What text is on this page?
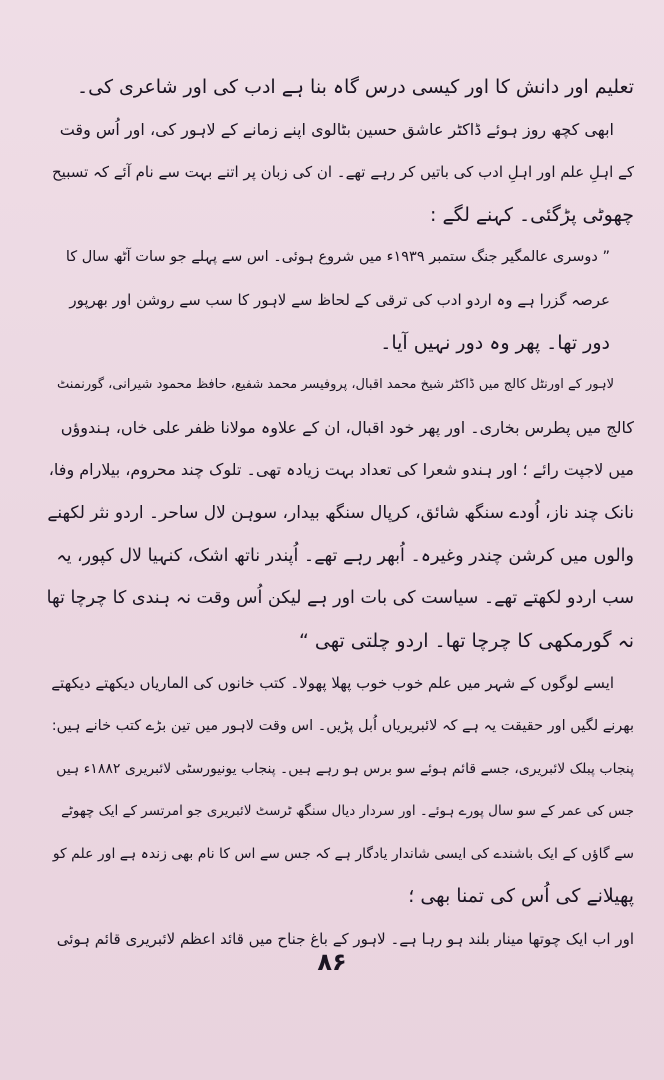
تعلیم اور دانش کا اور کیسی درس گاہ بنا ہے ادب کی اور شاعری کی۔
ابھی کچھ روز ہوئے ڈاکٹر عاشق حسین بٹالوی اپنے زمانے کے لاہور کی، اور اُس وقت
کے اہلِ علم اور اہلِ ادب کی باتیں کر رہے تھے۔ ان کی زبان پر اتنے بہت سے نام آئے کہ تسبیح
چھوٹی پڑگئی۔ کہنے لگے :
” دوسری عالمگیر جنگ ستمبر ۱۹۳۹ء میں شروع ہوئی۔ اس سے پہلے جو سات آٹھ سال کا
عرصہ گزرا ہے وہ اردو ادب کی ترقی کے لحاظ سے لاہور کا سب سے روشن اور بھرپور
دور تھا۔ پھر وہ دور نہیں آیا۔
لاہور کے اورنٹل کالج میں ڈاکٹر شیخ محمد اقبال، پروفیسر محمد شفیع، حافظ محمود شیرانی، گورنمنٹ
کالج میں پطرس بخاری۔ اور پھر خود اقبال، ان کے علاوہ مولانا ظفر علی خاں، ہندوؤں
میں لاجپت رائے ؛ اور ہندو شعرا کی تعداد بہت زیادہ تھی۔ تلوک چند محروم، بیلارام وفا،
نانک چند ناز، اُودے سنگھ شائق، کرپال سنگھ بیدار، سوہن لال ساحر۔ اردو نثر لکھنے
والوں میں کرشن چندر وغیرہ۔ اُبھر رہے تھے۔ اُپندر ناتھ اشک، کنہیا لال کپور، یہ
سب اردو لکھتے تھے۔ سیاست کی بات اور ہے لیکن اُس وقت نہ ہندی کا چرچا تھا
نہ گورمکھی کا چرچا تھا۔ اردو چلتی تھی “
ایسے لوگوں کے شہر میں علم خوب خوب پھلا پھولا۔ کتب خانوں کی الماریاں دیکھتے دیکھتے
بھرنے لگیں اور حقیقت یہ ہے کہ لائبریریاں اُبل پڑیں۔ اس وقت لاہور میں تین بڑے کتب خانے ہیں:
پنجاب پبلک لائبریری، جسے قائم ہوئے سو برس ہو رہے ہیں۔ پنجاب یونیورسٹی لائبریری ۱۸۸۲ء ہیں
جس کی عمر کے سو سال پورے ہوئے۔ اور سردار دیال سنگھ ٹرسٹ لائبریری جو امرتسر کے ایک چھوٹے
سے گاؤں کے ایک باشندے کی ایسی شاندار یادگار ہے کہ جس سے اس کا نام بھی زندہ ہے اور علم کو
پھیلانے کی اُس کی تمنا بھی ؛
اور اب ایک چوتھا مینار بلند ہو رہا ہے۔ لاہور کے باغ جناح میں قائد اعظم لائبریری قائم ہوئی
۸۶
